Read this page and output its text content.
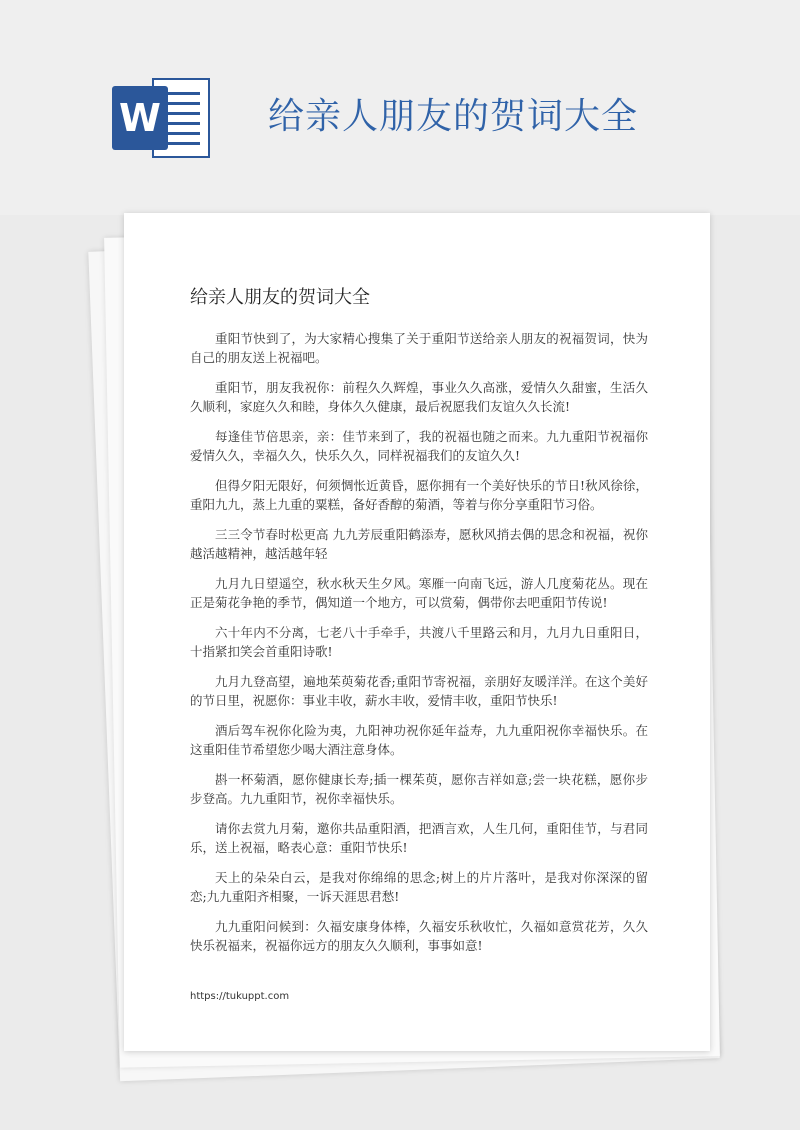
W	给亲人朋友的贺词大全
给亲人朋友的贺词大全

重阳节快到了，为大家精心搜集了关于重阳节送给亲人朋友的祝福贺词，快为自己的朋友送上祝福吧。

重阳节，朋友我祝你：前程久久辉煌，事业久久高涨，爱情久久甜蜜，生活久久顺利，家庭久久和睦，身体久久健康，最后祝愿我们友谊久久长流!

每逢佳节倍思亲，亲：佳节来到了，我的祝福也随之而来。九九重阳节祝福你爱情久久，幸福久久，快乐久久，同样祝福我们的友谊久久!

但得夕阳无限好，何须惆怅近黄昏，愿你拥有一个美好快乐的节日!秋风徐徐，重阳九九，蒸上九重的粟糕，备好香醇的菊酒，等着与你分享重阳节习俗。

三三令节春时松更高 九九芳辰重阳鹤添寿，愿秋风捎去偶的思念和祝福，祝你越活越精神，越活越年轻

九月九日望遥空，秋水秋天生夕风。寒雁一向南飞远，游人几度菊花丛。现在正是菊花争艳的季节，偶知道一个地方，可以赏菊，偶带你去吧重阳节传说!

六十年内不分离，七老八十手牵手，共渡八千里路云和月，九月九日重阳日，十指紧扣笑会首重阳诗歌!

九月九登高望，遍地茱萸菊花香;重阳节寄祝福，亲朋好友暖洋洋。在这个美好的节日里，祝愿你：事业丰收，薪水丰收，爱情丰收，重阳节快乐!

酒后驾车祝你化险为夷，九阳神功祝你延年益寿，九九重阳祝你幸福快乐。在这重阳佳节希望您少喝大酒注意身体。

斟一杯菊酒，愿你健康长寿;插一棵茱萸，愿你吉祥如意;尝一块花糕，愿你步步登高。九九重阳节，祝你幸福快乐。

请你去赏九月菊，邀你共品重阳酒，把酒言欢，人生几何，重阳佳节，与君同乐，送上祝福，略表心意：重阳节快乐!

天上的朵朵白云，是我对你绵绵的思念;树上的片片落叶，是我对你深深的留恋;九九重阳齐相聚，一诉天涯思君愁!

九九重阳问候到：久福安康身体棒，久福安乐秋收忙，久福如意赏花芳，久久快乐祝福来，祝福你远方的朋友久久顺利，事事如意!

https://tukuppt.com
